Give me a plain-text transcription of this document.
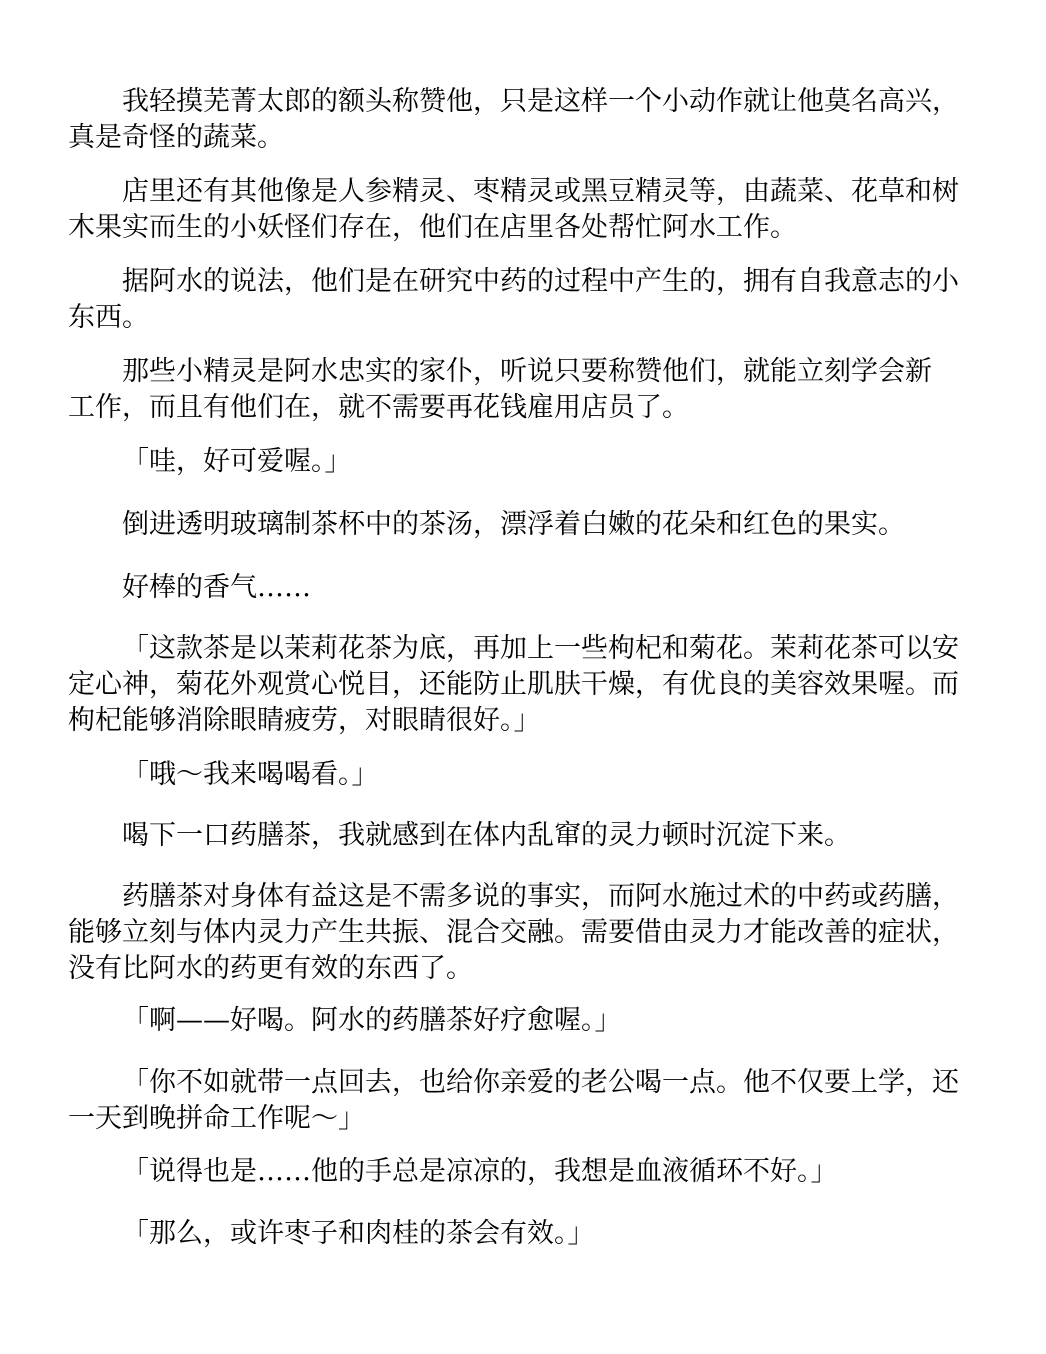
我轻摸芜菁太郎的额头称赞他，只是这样一个小动作就让他莫名高兴，真是奇怪的蔬菜。

店里还有其他像是人参精灵、枣精灵或黑豆精灵等，由蔬菜、花草和树木果实而生的小妖怪们存在，他们在店里各处帮忙阿水工作。

据阿水的说法，他们是在研究中药的过程中产生的，拥有自我意志的小东西。

那些小精灵是阿水忠实的家仆，听说只要称赞他们，就能立刻学会新工作，而且有他们在，就不需要再花钱雇用店员了。

「哇，好可爱喔。」

倒进透明玻璃制茶杯中的茶汤，漂浮着白嫩的花朵和红色的果实。

好棒的香气……

「这款茶是以茉莉花茶为底，再加上一些枸杞和菊花。茉莉花茶可以安定心神，菊花外观赏心悦目，还能防止肌肤干燥，有优良的美容效果喔。而枸杞能够消除眼睛疲劳，对眼睛很好。」

「哦～我来喝喝看。」

喝下一口药膳茶，我就感到在体内乱窜的灵力顿时沉淀下来。

药膳茶对身体有益这是不需多说的事实，而阿水施过术的中药或药膳，能够立刻与体内灵力产生共振、混合交融。需要借由灵力才能改善的症状，没有比阿水的药更有效的东西了。

「啊——好喝。阿水的药膳茶好疗愈喔。」

「你不如就带一点回去，也给你亲爱的老公喝一点。他不仅要上学，还一天到晚拼命工作呢～」

「说得也是……他的手总是凉凉的，我想是血液循环不好。」

「那么，或许枣子和肉桂的茶会有效。」
